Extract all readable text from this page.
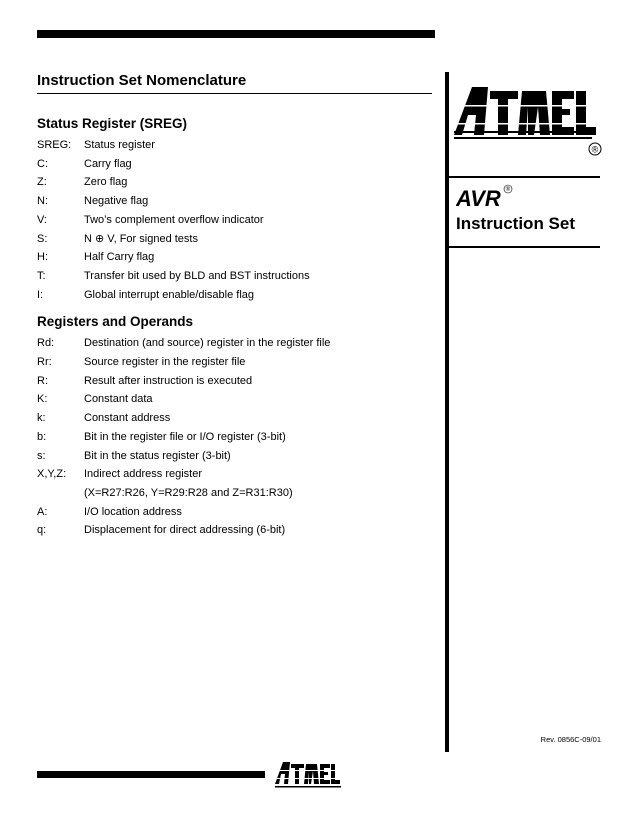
Instruction Set Nomenclature
Status Register (SREG)
SREG:	Status register
C:	Carry flag
Z:	Zero flag
N:	Negative flag
V:	Two’s complement overflow indicator
S:	N ⊕ V, For signed tests
H:	Half Carry flag
T:	Transfer bit used by BLD and BST instructions
I:	Global interrupt enable/disable flag
Registers and Operands
Rd:	Destination (and source) register in the register file
Rr:	Source register in the register file
R:	Result after instruction is executed
K:	Constant data
k:	Constant address
b:	Bit in the register file or I/O register (3-bit)
s:	Bit in the status register (3-bit)
X,Y,Z:	Indirect address register
(X=R27:R26, Y=R29:R28 and Z=R31:R30)
A:	I/O location address
q:	Displacement for direct addressing (6-bit)
®
AVR ®
Instruction Set
Rev. 0856C-09/01
